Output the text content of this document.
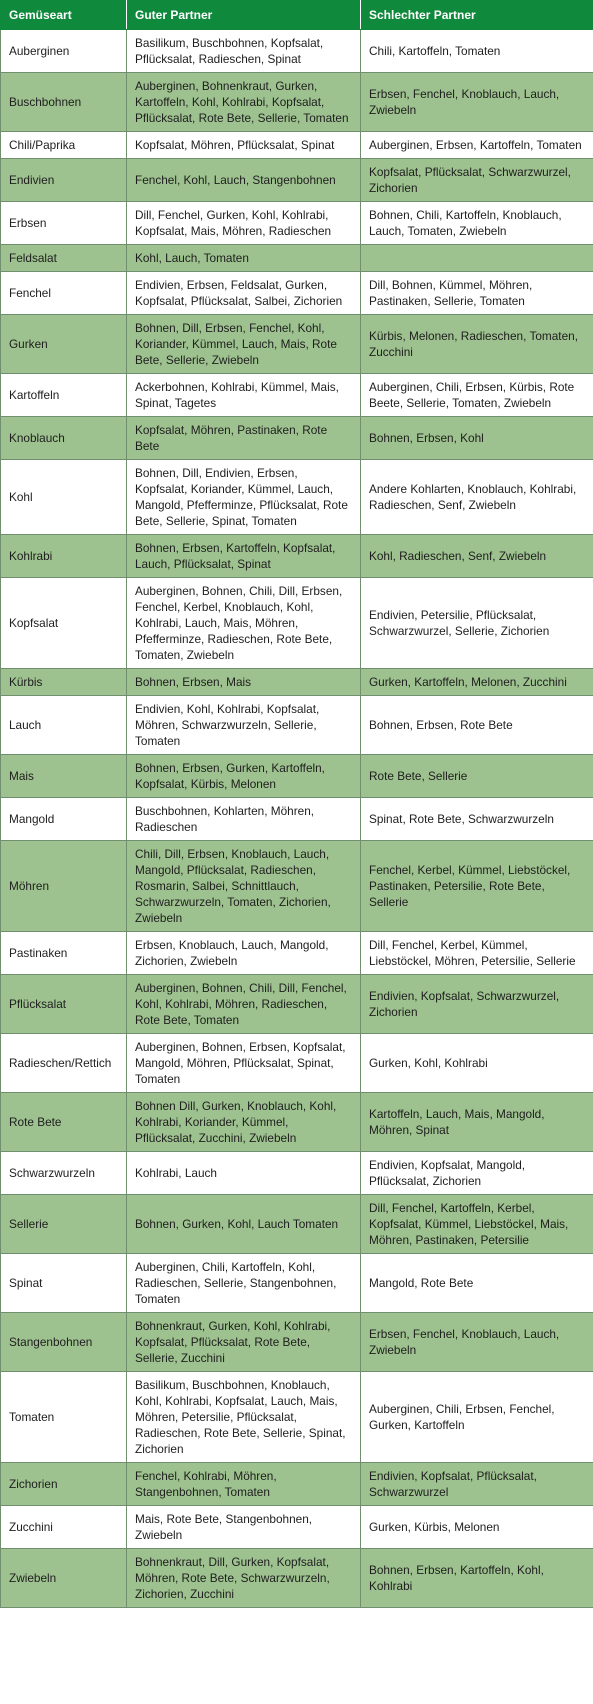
Gemüseart	Guter Partner	Schlechter Partner
Auberginen	Basilikum, Buschbohnen, Kopfsalat, Pflücksalat, Radieschen, Spinat	Chili, Kartoffeln, Tomaten
Buschbohnen	Auberginen, Bohnenkraut, Gurken, Kartoffeln, Kohl, Kohlrabi, Kopfsalat, Pflücksalat, Rote Bete, Sellerie, Tomaten	Erbsen, Fenchel, Knoblauch, Lauch, Zwiebeln
Chili/Paprika	Kopfsalat, Möhren, Pflücksalat, Spinat	Auberginen, Erbsen, Kartoffeln, Tomaten
Endivien	Fenchel, Kohl, Lauch, Stangenbohnen	Kopfsalat, Pflücksalat, Schwarzwurzel, Zichorien
Erbsen	Dill, Fenchel, Gurken, Kohl, Kohlrabi, Kopfsalat, Mais, Möhren, Radieschen	Bohnen, Chili, Kartoffeln, Knoblauch, Lauch, Tomaten, Zwiebeln
Feldsalat	Kohl, Lauch, Tomaten	
Fenchel	Endivien, Erbsen, Feldsalat, Gurken, Kopfsalat, Pflücksalat, Salbei, Zichorien	Dill, Bohnen, Kümmel, Möhren, Pastinaken, Sellerie, Tomaten
Gurken	Bohnen, Dill, Erbsen, Fenchel, Kohl, Koriander, Kümmel, Lauch, Mais, Rote Bete, Sellerie, Zwiebeln	Kürbis, Melonen, Radieschen, Tomaten, Zucchini
Kartoffeln	Ackerbohnen, Kohlrabi, Kümmel, Mais, Spinat, Tagetes	Auberginen, Chili, Erbsen, Kürbis, Rote Beete, Sellerie, Tomaten, Zwiebeln
Knoblauch	Kopfsalat, Möhren, Pastinaken, Rote Bete	Bohnen, Erbsen, Kohl
Kohl	Bohnen, Dill, Endivien, Erbsen, Kopfsalat, Koriander, Kümmel, Lauch, Mangold, Pfefferminze, Pflücksalat, Rote Bete, Sellerie, Spinat, Tomaten	Andere Kohlarten, Knoblauch, Kohlrabi, Radieschen, Senf, Zwiebeln
Kohlrabi	Bohnen, Erbsen, Kartoffeln, Kopfsalat, Lauch, Pflücksalat, Spinat	Kohl, Radieschen, Senf, Zwiebeln
Kopfsalat	Auberginen, Bohnen, Chili, Dill, Erbsen, Fenchel, Kerbel, Knoblauch, Kohl, Kohlrabi, Lauch, Mais, Möhren, Pfefferminze, Radieschen, Rote Bete, Tomaten, Zwiebeln	Endivien, Petersilie, Pflücksalat, Schwarzwurzel, Sellerie, Zichorien
Kürbis	Bohnen, Erbsen, Mais	Gurken, Kartoffeln, Melonen, Zucchini
Lauch	Endivien, Kohl, Kohlrabi, Kopfsalat, Möhren, Schwarzwurzeln, Sellerie, Tomaten	Bohnen, Erbsen, Rote Bete
Mais	Bohnen, Erbsen, Gurken, Kartoffeln, Kopfsalat, Kürbis, Melonen	Rote Bete, Sellerie
Mangold	Buschbohnen, Kohlarten, Möhren, Radieschen	Spinat, Rote Bete, Schwarzwurzeln
Möhren	Chili, Dill, Erbsen, Knoblauch, Lauch, Mangold, Pflücksalat, Radieschen, Rosmarin, Salbei, Schnittlauch, Schwarzwurzeln, Tomaten, Zichorien, Zwiebeln	Fenchel, Kerbel, Kümmel, Liebstöckel, Pastinaken, Petersilie, Rote Bete, Sellerie
Pastinaken	Erbsen, Knoblauch, Lauch, Mangold, Zichorien, Zwiebeln	Dill, Fenchel, Kerbel, Kümmel, Liebstöckel, Möhren, Petersilie, Sellerie
Pflücksalat	Auberginen, Bohnen, Chili, Dill, Fenchel, Kohl, Kohlrabi, Möhren, Radieschen, Rote Bete, Tomaten	Endivien, Kopfsalat, Schwarzwurzel, Zichorien
Radieschen/Rettich	Auberginen, Bohnen, Erbsen, Kopfsalat, Mangold, Möhren, Pflücksalat, Spinat, Tomaten	Gurken, Kohl, Kohlrabi
Rote Bete	Bohnen Dill, Gurken, Knoblauch, Kohl, Kohlrabi, Koriander, Kümmel, Pflücksalat, Zucchini, Zwiebeln	Kartoffeln, Lauch, Mais, Mangold, Möhren, Spinat
Schwarzwurzeln	Kohlrabi, Lauch	Endivien, Kopfsalat, Mangold, Pflücksalat, Zichorien
Sellerie	Bohnen, Gurken, Kohl, Lauch Tomaten	Dill, Fenchel, Kartoffeln, Kerbel, Kopfsalat, Kümmel, Liebstöckel, Mais, Möhren, Pastinaken, Petersilie
Spinat	Auberginen, Chili, Kartoffeln, Kohl, Radieschen, Sellerie, Stangenbohnen, Tomaten	Mangold, Rote Bete
Stangenbohnen	Bohnenkraut, Gurken, Kohl, Kohlrabi, Kopfsalat, Pflücksalat, Rote Bete, Sellerie, Zucchini	Erbsen, Fenchel, Knoblauch, Lauch, Zwiebeln
Tomaten	Basilikum, Buschbohnen, Knoblauch, Kohl, Kohlrabi, Kopfsalat, Lauch, Mais, Möhren, Petersilie, Pflücksalat, Radieschen, Rote Bete, Sellerie, Spinat, Zichorien	Auberginen, Chili, Erbsen, Fenchel, Gurken, Kartoffeln
Zichorien	Fenchel, Kohlrabi, Möhren, Stangenbohnen, Tomaten	Endivien, Kopfsalat, Pflücksalat, Schwarzwurzel
Zucchini	Mais, Rote Bete, Stangenbohnen, Zwiebeln	Gurken, Kürbis, Melonen
Zwiebeln	Bohnenkraut, Dill, Gurken, Kopfsalat, Möhren, Rote Bete, Schwarzwurzeln, Zichorien, Zucchini	Bohnen, Erbsen, Kartoffeln, Kohl, Kohlrabi
